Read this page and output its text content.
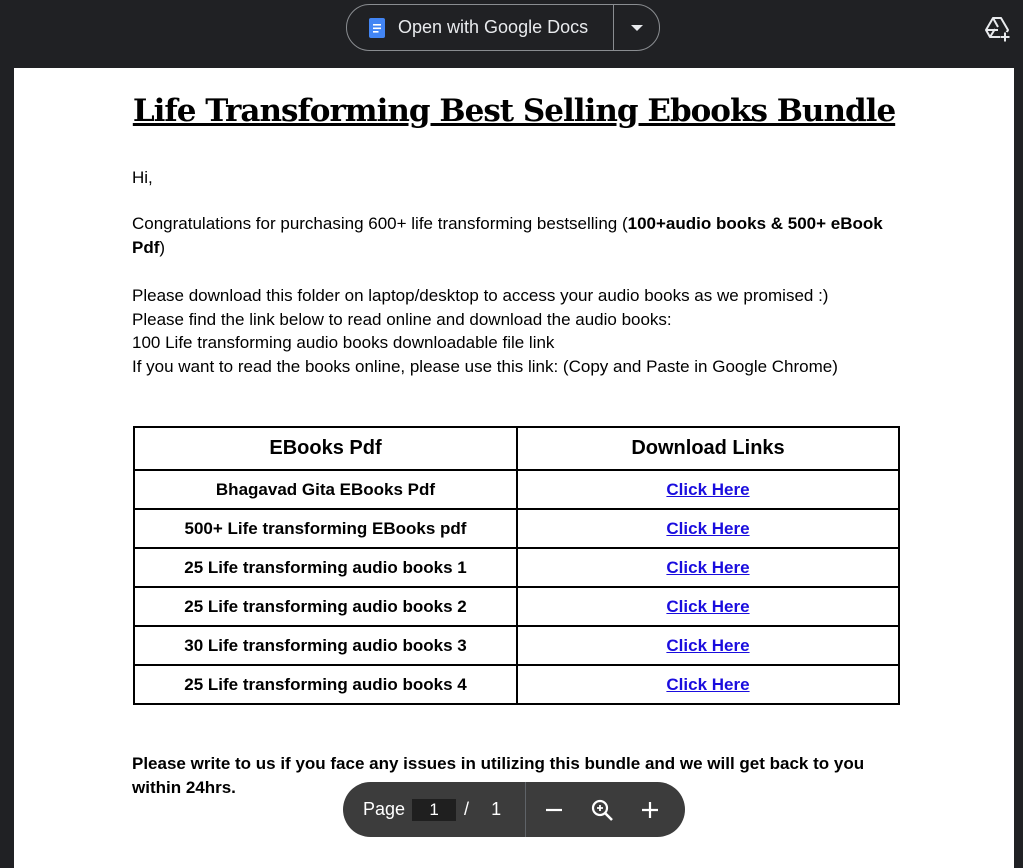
Open with Google Docs
Life Transforming Best Selling Ebooks Bundle

Hi,

Congratulations for purchasing 600+ life transforming bestselling (100+audio books & 500+ eBook Pdf)

Please download this folder on laptop/desktop to access your audio books as we promised :)
Please find the link below to read online and download the audio books:
100 Life transforming audio books downloadable file link
If you want to read the books online, please use this link: (Copy and Paste in Google Chrome)

EBooks Pdf	Download Links
Bhagavad Gita EBooks Pdf	Click Here
500+ Life transforming EBooks pdf	Click Here
25 Life transforming audio books 1	Click Here
25 Life transforming audio books 2	Click Here
30 Life transforming audio books 3	Click Here
25 Life transforming audio books 4	Click Here

Please write to us if you face any issues in utilizing this bundle and we will get back to you
within 24hrs.

Page	1	/ 1
